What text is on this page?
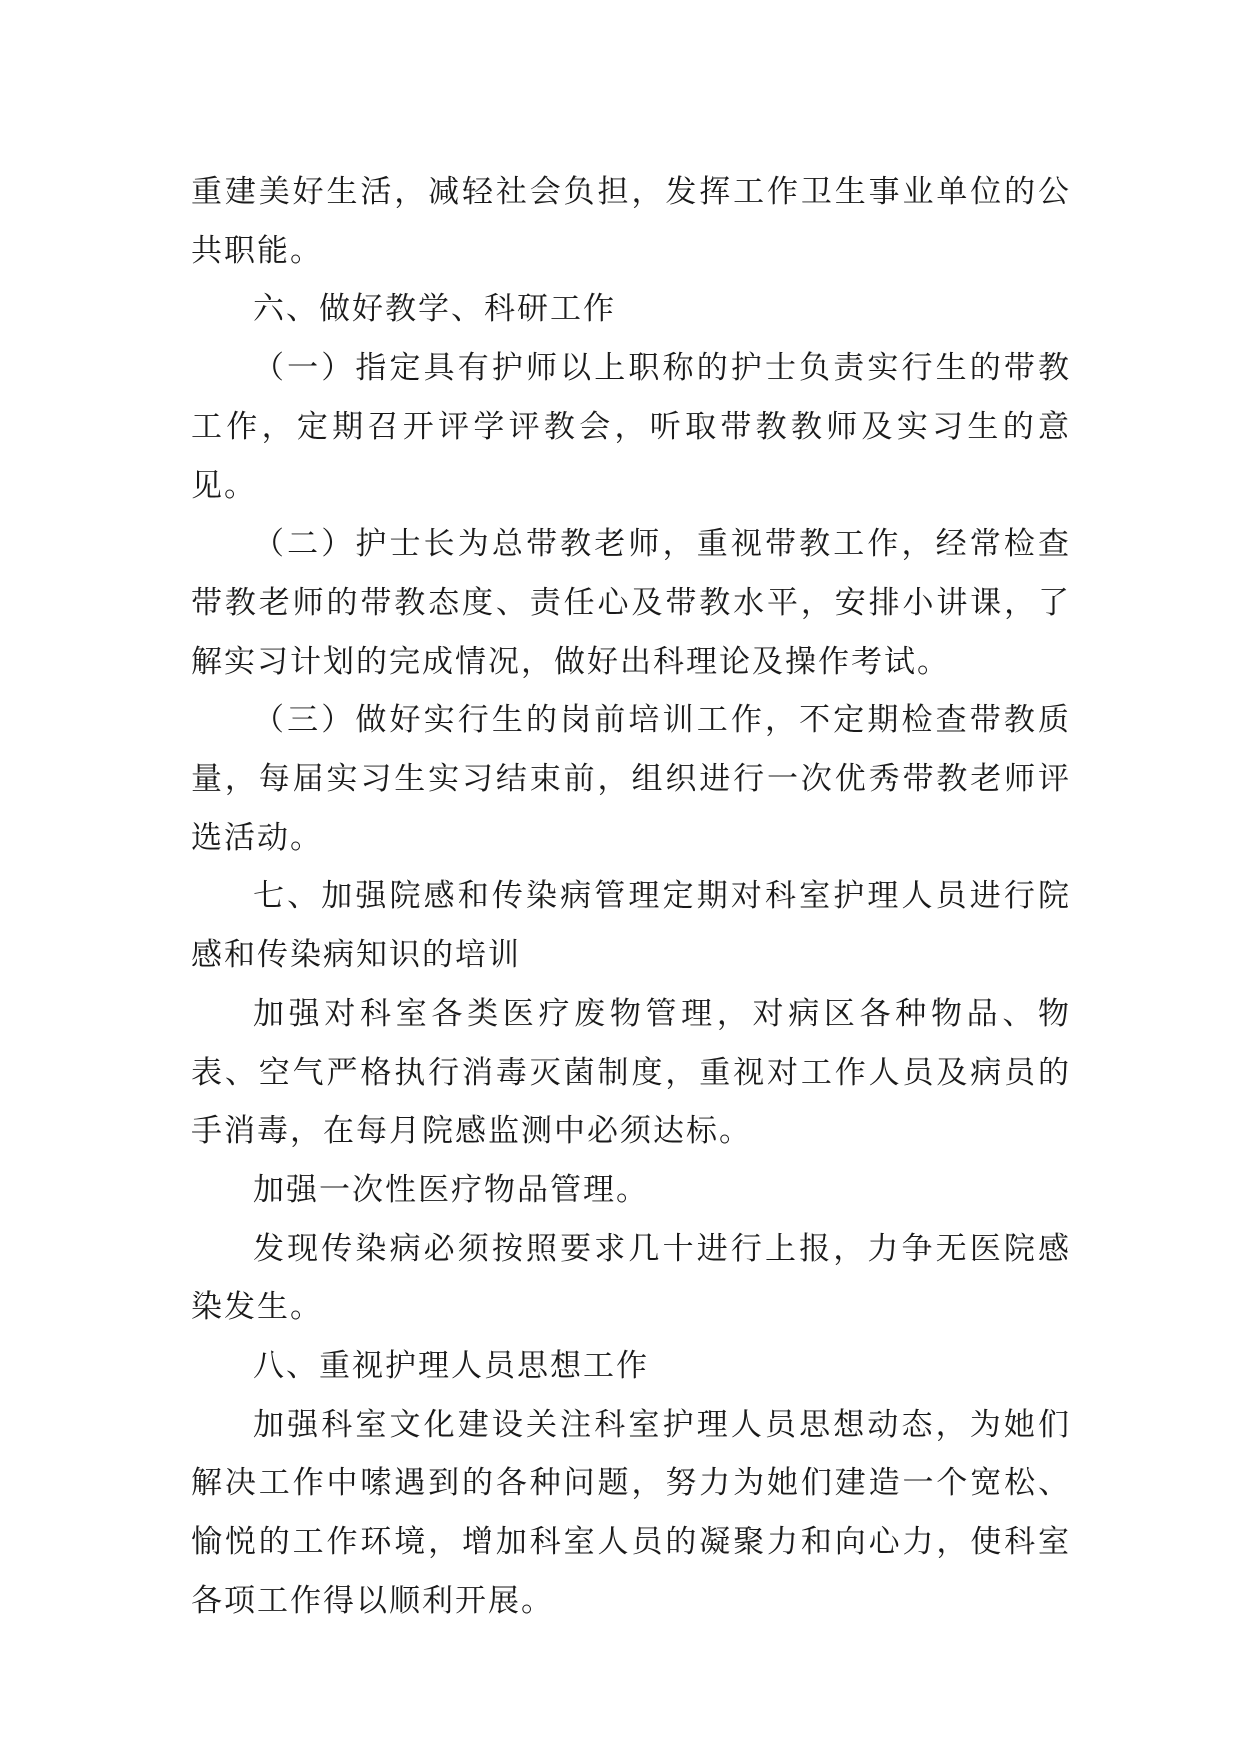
重建美好生活，减轻社会负担，发挥工作卫生事业单位的公共职能。

六、做好教学、科研工作

（一）指定具有护师以上职称的护士负责实行生的带教工作，定期召开评学评教会，听取带教教师及实习生的意见。

（二）护士长为总带教老师，重视带教工作，经常检查带教老师的带教态度、责任心及带教水平，安排小讲课，了解实习计划的完成情况，做好出科理论及操作考试。

（三）做好实行生的岗前培训工作，不定期检查带教质量，每届实习生实习结束前，组织进行一次优秀带教老师评选活动。

七、加强院感和传染病管理定期对科室护理人员进行院感和传染病知识的培训

加强对科室各类医疗废物管理，对病区各种物品、物表、空气严格执行消毒灭菌制度，重视对工作人员及病员的手消毒，在每月院感监测中必须达标。

加强一次性医疗物品管理。

发现传染病必须按照要求几十进行上报，力争无医院感染发生。

八、重视护理人员思想工作

加强科室文化建设关注科室护理人员思想动态，为她们解决工作中嗦遇到的各种问题，努力为她们建造一个宽松、愉悦的工作环境，增加科室人员的凝聚力和向心力，使科室各项工作得以顺利开展。
